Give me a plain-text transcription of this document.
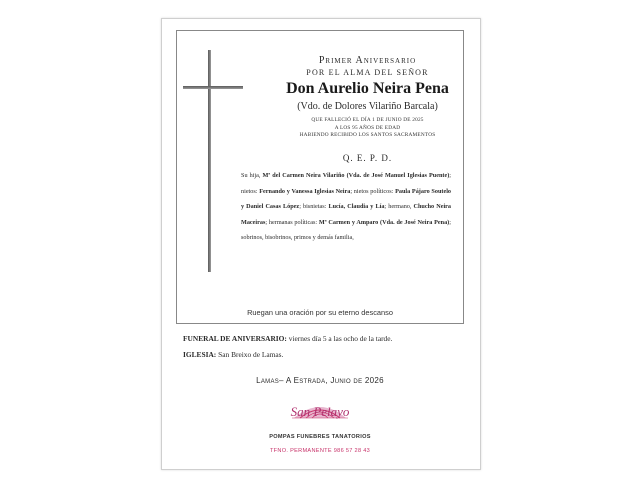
Primer Aniversario
POR EL ALMA DEL SEÑOR
Don Aurelio Neira Pena
(Vdo. de Dolores Vilariño Barcala)
QUE FALLECIÓ EL DÍA 1 DE JUNIO DE 2025
A LOS 95 AÑOS DE EDAD
HABIENDO RECIBIDO LOS SANTOS SACRAMENTOS
Q. E. P. D.
Su hija, Mª del Carmen Neira Vilariño (Vda. de José Manuel Iglesias Puente); nietos: Fernando y Vanessa Iglesias Neira; nietos políticos: Paula Pájaro Soutelo y Daniel Casas López; bisnietas: Lucía, Claudia y Lía; hermano, Chucho Neira Maceiras; hermanas políticas: Mª Carmen y Amparo (Vda. de José Neira Pena); sobrinos, bisobrinos, primos y demás familia,
Ruegan una oración por su eterno descanso
FUNERAL DE ANIVERSARIO: viernes día 5 a las ocho de la tarde.
IGLESIA: San Breixo de Lamas.
Lamas– A Estrada, Junio de 2026
San Pelayo
POMPAS FUNEBRES TANATORIOS
TFNO. PERMANENTE 986 57 28 43
